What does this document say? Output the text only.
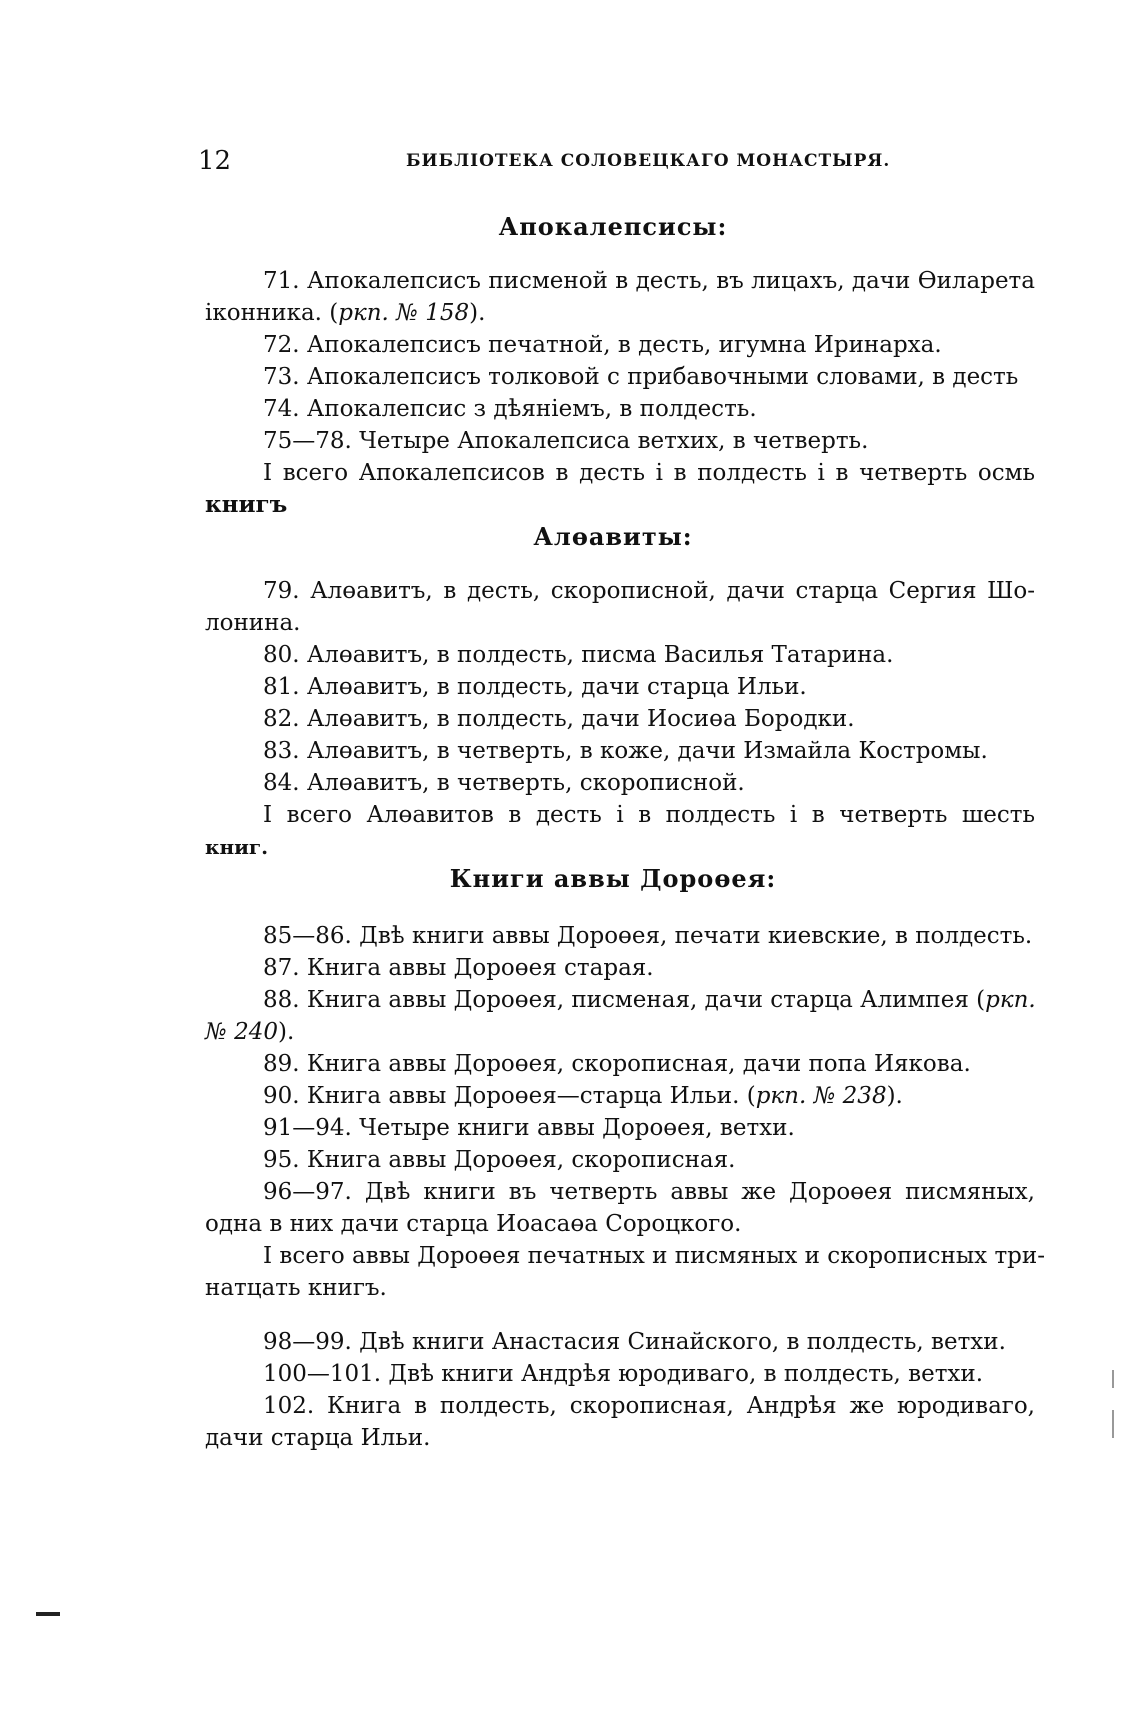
12	БИБЛІОТЕКА СОЛОВЕЦКАГО МОНАСТЫРЯ.
Апокалепсисы:
71. Апокалепсисъ писменой в десть, въ лицахъ, дачи Өиларета
іконника. (ркп. № 158).
72. Апокалепсисъ печатной, в десть, игумна Иринарха.
73. Апокалепсисъ толковой с прибавочными словами, в десть
74. Апокалепсис з дѣяніемъ, в полдесть.
75—78. Четыре Апокалепсиса ветхих, в четверть.
І всего Апокалепсисов в десть і в полдесть і в четверть осмь
книгъ
Алөавиты:
79. Алөавитъ, в десть, скорописной, дачи старца Сергия Шо-
лонина.
80. Алөавитъ, в полдесть, писма Василья Татарина.
81. Алөавитъ, в полдесть, дачи старца Ильи.
82. Алөавитъ, в полдесть, дачи Иосиөа Бородки.
83. Алөавитъ, в четверть, в коже, дачи Измайла Костромы.
84. Алөавитъ, в четверть, скорописной.
І всего Алөавитов в десть і в полдесть і в четверть шесть
книг.
Книги аввы Дороөея:
85—86. Двѣ книги аввы Дороөея, печати киевские, в полдесть.
87. Книга аввы Дороөея старая.
88. Книга аввы Дороөея, писменая, дачи старца Алимпея (ркп.
№ 240).
89. Книга аввы Дороөея, скорописная, дачи попа Иякова.
90. Книга аввы Дороөея—старца Ильи. (ркп. № 238).
91—94. Четыре книги аввы Дороөея, ветхи.
95. Книга аввы Дороөея, скорописная.
96—97. Двѣ книги въ четверть аввы же Дороөея писмяных,
одна в них дачи старца Иоасаөа Сороцкого.
І всего аввы Дороөея печатных и писмяных и скорописных три-
натцать книгъ.
98—99. Двѣ книги Анастасия Синайского, в полдесть, ветхи.
100—101. Двѣ книги Андрѣя юродиваго, в полдесть, ветхи.
102. Книга в полдесть, скорописная, Андрѣя же юродиваго,
дачи старца Ильи.
